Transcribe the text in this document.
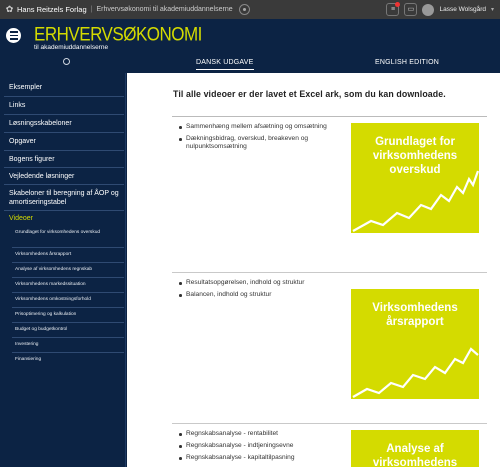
✿ Hans Reitzels Forlag | Erhvervsøkonomi til akademiuddannelserne	≡	▭	Lasse Wolsgård ▾
ERHVERVSØKONOMI
til akademiuddannelserne
DANSK UDGAVE	ENGLISH EDITION
Eksempler
Links
Løsningsskabeloner
Opgaver
Bogens figurer
Vejledende løsninger
Skabeloner til beregning af ÅOP og amortiseringstabel
Videoer
Grundlaget for virksomhedens overskud
Virksomhedens årsrapport
Analyse af virksomhedens regnskab
Virksomhedens markedssituation
Virksomhedens omkostningsforhold
Prisoptimering og kalkulation
Budget og budgetkontrol
Investering
Finansiering
Til alle videoer er der lavet et Excel ark, som du kan downloade.
Sammenhæng mellem afsætning og omsætning
Dækningsbidrag, overskud, breakeven og nulpunktsomsætning	Grundlaget for virksomhedens overskud
Resultatsopgørelsen, indhold og struktur
Balancen, indhold og struktur
Virksomhedens årsrapport
Regnskabsanalyse - rentabilitet
Regnskabsanalyse - indtjeningsevne
Regnskabsanalyse - kapitaltilpasning
Analyse af virksomhedens
